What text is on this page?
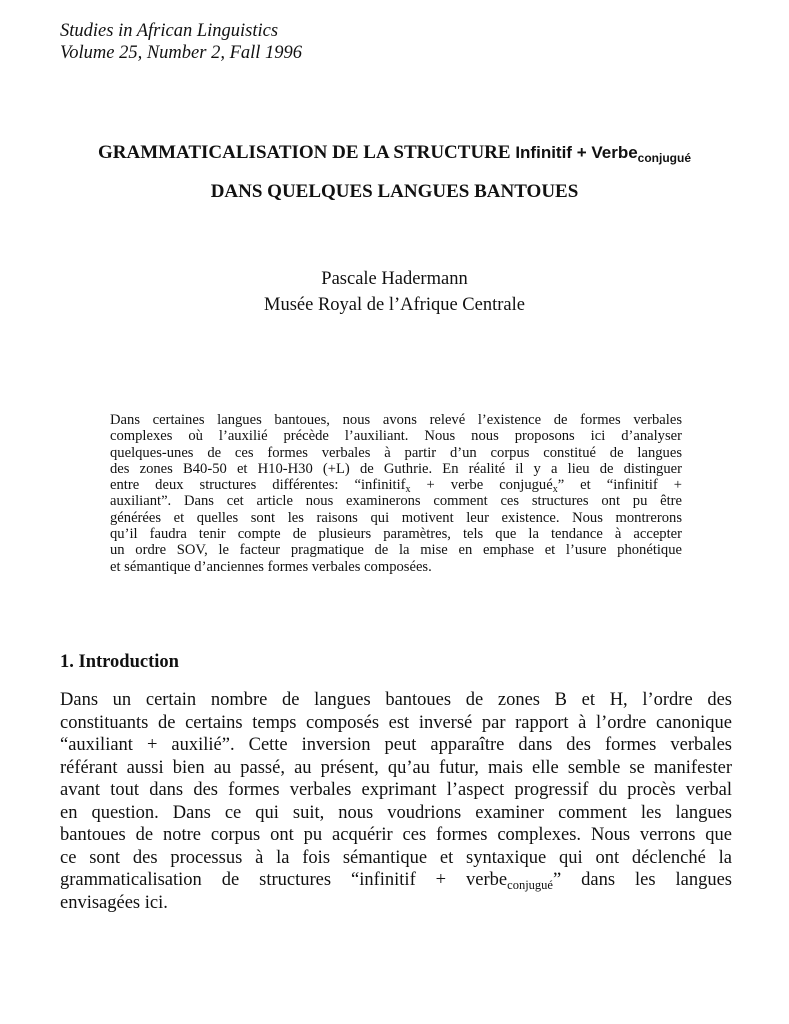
Studies in African Linguistics
Volume 25, Number 2, Fall 1996
GRAMMATICALISATION DE LA STRUCTURE Infinitif + Verbe$_{conjugué}$
DANS QUELQUES LANGUES BANTOUES
Pascale Hadermann
Musée Royal de l’Afrique Centrale
Dans certaines langues bantoues, nous avons relevé l’existence de formes verbales
complexes où l’auxilié précède l’auxiliant. Nous nous proposons ici d’analyser
quelques-unes de ces formes verbales à partir d’un corpus constitué de langues
des zones B40-50 et H10-H30 (+L) de Guthrie. En réalité il y a lieu de distinguer
entre deux structures différentes: “infinitif$_x$ + verbe conjugué$_x$” et “infinitif +
auxiliant”. Dans cet article nous examinerons comment ces structures ont pu être
générées et quelles sont les raisons qui motivent leur existence. Nous montrerons
qu’il faudra tenir compte de plusieurs paramètres, tels que la tendance à accepter
un ordre SOV, le facteur pragmatique de la mise en emphase et l’usure phonétique
et sémantique d’anciennes formes verbales composées.
1. Introduction
Dans un certain nombre de langues bantoues de zones B et H, l’ordre des
constituants de certains temps composés est inversé par rapport à l’ordre canonique
“auxiliant + auxilié”. Cette inversion peut apparaître dans des formes verbales
référant aussi bien au passé, au présent, qu’au futur, mais elle semble se manifester
avant tout dans des formes verbales exprimant l’aspect progressif du procès verbal
en question. Dans ce qui suit, nous voudrions examiner comment les langues
bantoues de notre corpus ont pu acquérir ces formes complexes. Nous verrons que
ce sont des processus à la fois sémantique et syntaxique qui ont déclenché la
grammaticalisation de structures “infinitif + verbe$_{conjugué}$” dans les langues
envisagées ici.
